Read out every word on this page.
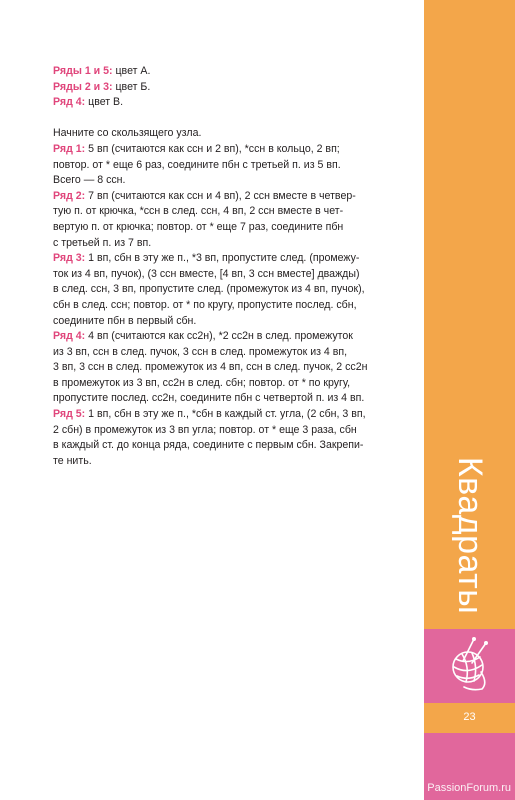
Ряды 1 и 5: цвет А.
Ряды 2 и 3: цвет Б.
Ряд 4: цвет В.
Начните со скользящего узла.
Ряд 1: 5 вп (считаются как ссн и 2 вп), *ссн в кольцо, 2 вп;
повтор. от * еще 6 раз, соедините пбн с третьей п. из 5 вп.
Всего — 8 ссн.
Ряд 2: 7 вп (считаются как ссн и 4 вп), 2 ссн вместе в четвер-
тую п. от крючка, *ссн в след. ссн, 4 вп, 2 ссн вместе в чет-
вертую п. от крючка; повтор. от * еще 7 раз, соедините пбн
с третьей п. из 7 вп.
Ряд 3: 1 вп, сбн в эту же п., *3 вп, пропустите след. (промежу-
ток из 4 вп, пучок), (3 ссн вместе, [4 вп, 3 ссн вместе] дважды)
в след. ссн, 3 вп, пропустите след. (промежуток из 4 вп, пучок),
сбн в след. ссн; повтор. от * по кругу, пропустите послед. сбн,
соедините пбн в первый сбн.
Ряд 4: 4 вп (считаются как сс2н), *2 сс2н в след. промежуток
из 3 вп, ссн в след. пучок, 3 ссн в след. промежуток из 4 вп,
3 вп, 3 ссн в след. промежуток из 4 вп, ссн в след. пучок, 2 сс2н
в промежуток из 3 вп, сс2н в след. сбн; повтор. от * по кругу,
пропустите послед. сс2н, соедините пбн с четвертой п. из 4 вп.
Ряд 5: 1 вп, сбн в эту же п., *сбн в каждый ст. угла, (2 сбн, 3 вп,
2 сбн) в промежуток из 3 вп угла; повтор. от * еще 3 раза, сбн
в каждый ст. до конца ряда, соедините с первым сбн. Закрепи-
те нить.	Квадраты
23
PassionForum.ru
